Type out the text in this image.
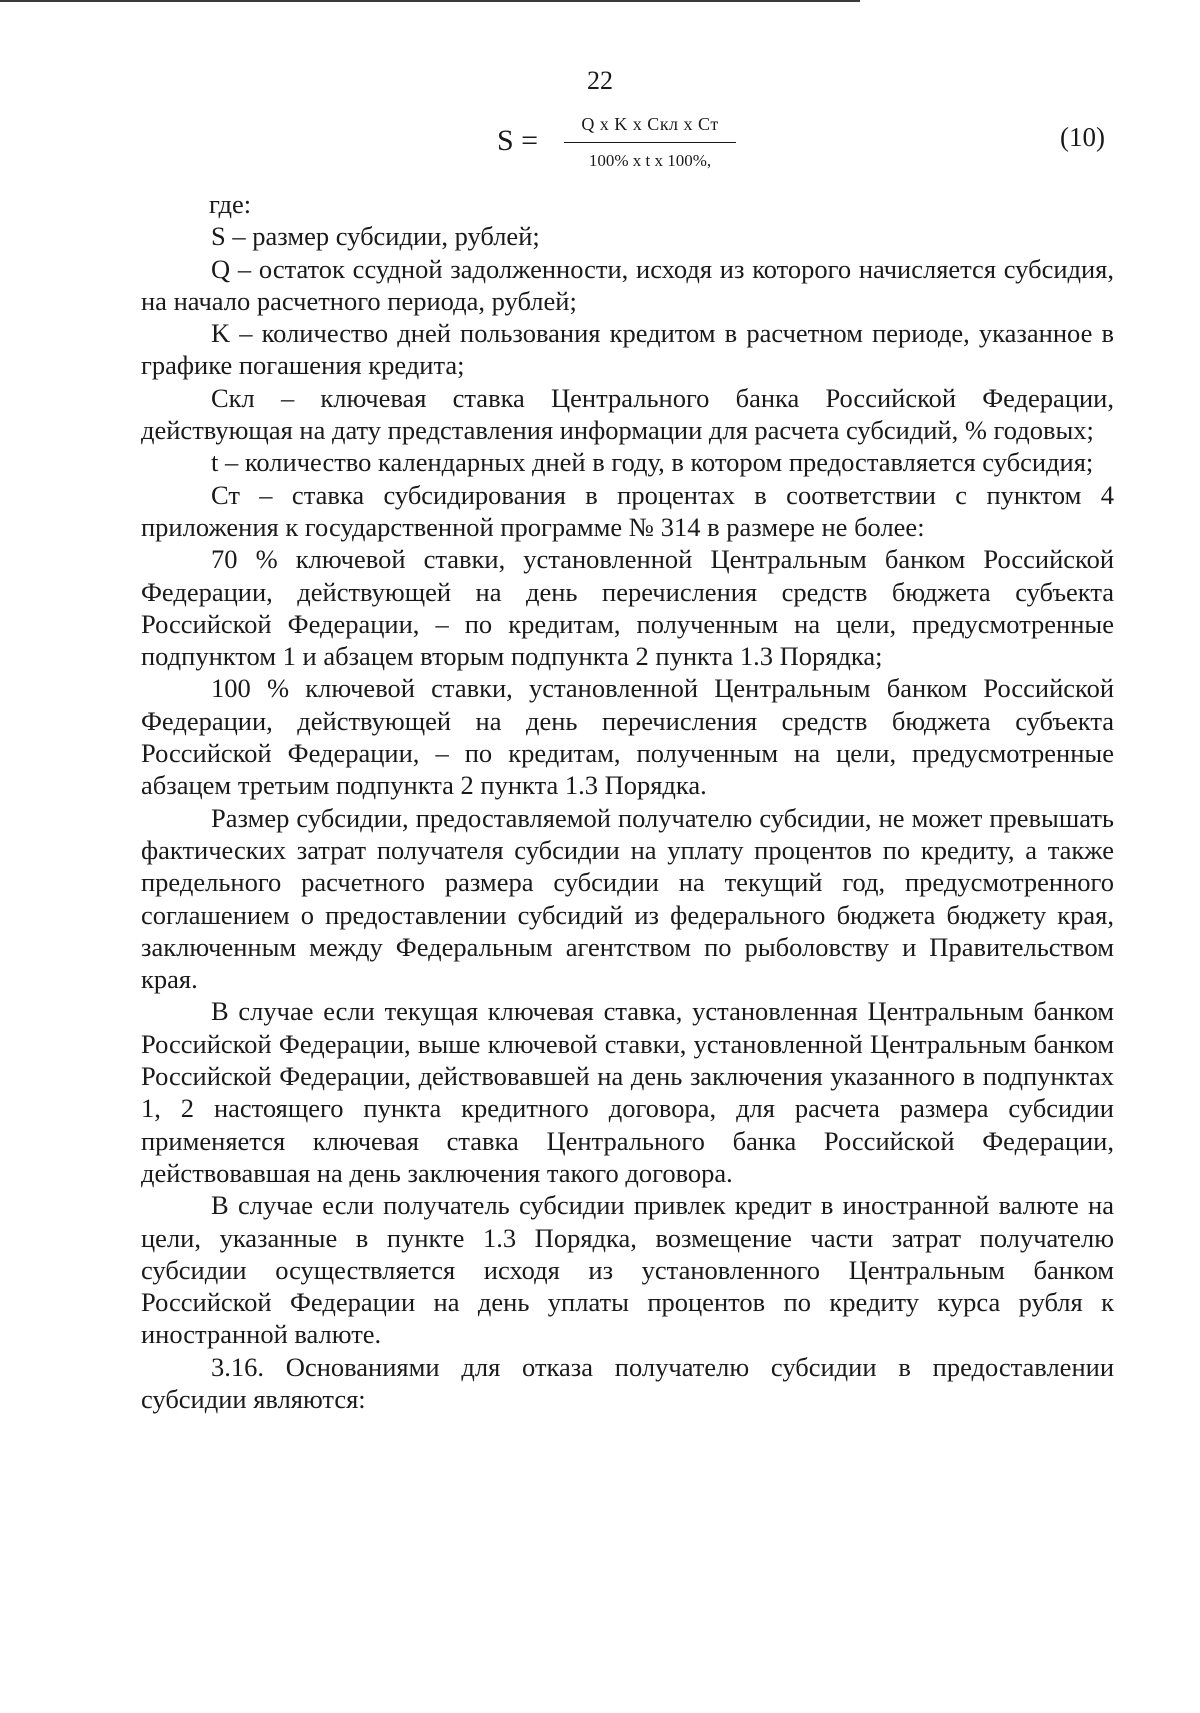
22
S =	Q x K x Cкл x Ст
100% x t x 100%,
(10)

где:

S – размер субсидии, рублей;

Q – остаток ссудной задолженности, исходя из которого начисляется субсидия, на начало расчетного периода, рублей;

K – количество дней пользования кредитом в расчетном периоде, указанное в графике погашения кредита;

Скл – ключевая ставка Центрального банка Российской Федерации, действующая на дату представления информации для расчета субсидий, % годовых;

t – количество календарных дней в году, в котором предоставляется субсидия;

Ст – ставка субсидирования в процентах в соответствии с пунктом 4 приложения к государственной программе № 314 в размере не более:

70 % ключевой ставки, установленной Центральным банком Российской Федерации, действующей на день перечисления средств бюджета субъекта Российской Федерации, – по кредитам, полученным на цели, предусмотренные подпунктом 1 и абзацем вторым подпункта 2 пункта 1.3 Порядка;

100 % ключевой ставки, установленной Центральным банком Российской Федерации, действующей на день перечисления средств бюджета субъекта Российской Федерации, – по кредитам, полученным на цели, предусмотренные абзацем третьим подпункта 2 пункта 1.3 Порядка.

Размер субсидии, предоставляемой получателю субсидии, не может превышать фактических затрат получателя субсидии на уплату процентов по кредиту, а также предельного расчетного размера субсидии на текущий год, предусмотренного соглашением о предоставлении субсидий из федерального бюджета бюджету края, заключенным между Федеральным агентством по рыболовству и Правительством края.

В случае если текущая ключевая ставка, установленная Центральным банком Российской Федерации, выше ключевой ставки, установленной Центральным банком Российской Федерации, действовавшей на день заключения указанного в подпунктах 1, 2 настоящего пункта кредитного договора, для расчета размера субсидии применяется ключевая ставка Центрального банка Российской Федерации, действовавшая на день заключения такого договора.

В случае если получатель субсидии привлек кредит в иностранной валюте на цели, указанные в пункте 1.3 Порядка, возмещение части затрат получателю субсидии осуществляется исходя из установленного Центральным банком Российской Федерации на день уплаты процентов по кредиту курса рубля к иностранной валюте.

3.16. Основаниями для отказа получателю субсидии в предоставлении субсидии являются:
